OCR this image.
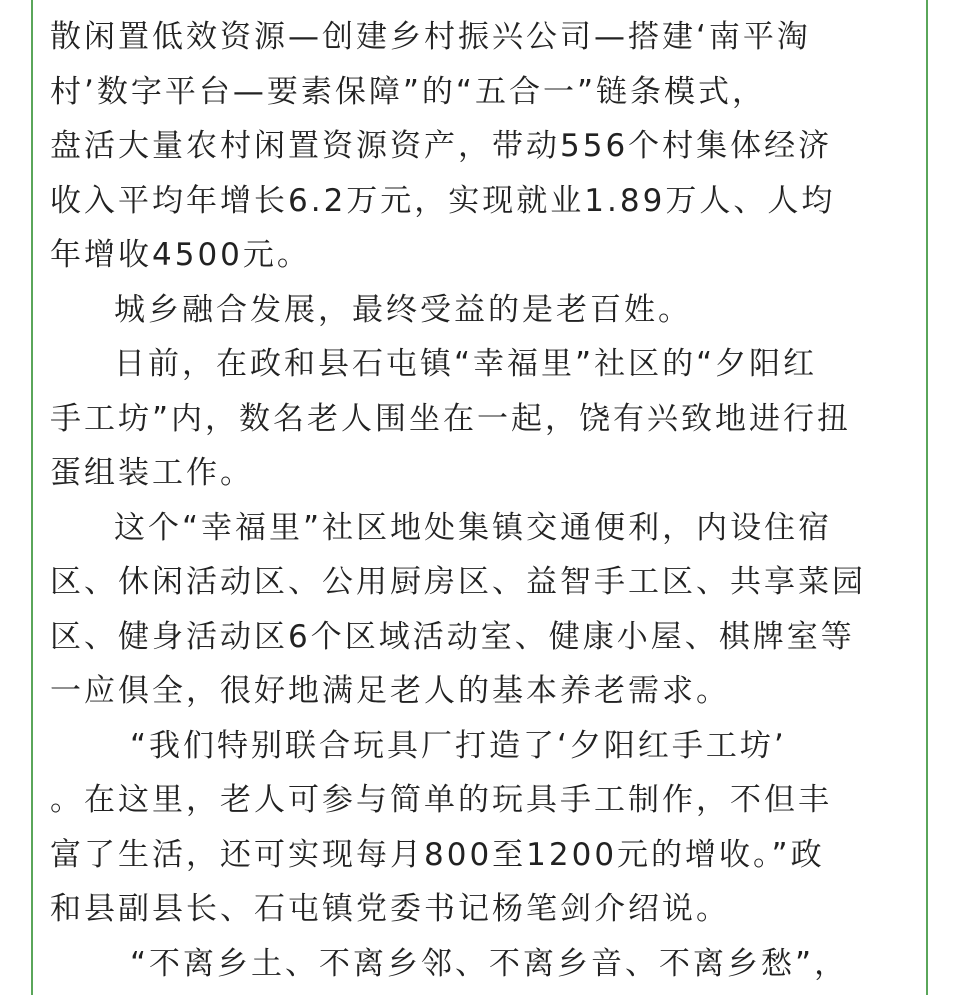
散闲置低效资源—创建乡村振兴公司—搭建‘南平淘
村’数字平台—要素保障”的“五合一”链条模式，
盘活大量农村闲置资源资产，带动556个村集体经济
收入平均年增长6.2万元，实现就业1.89万人、人均
年增收4500元。
城乡融合发展，最终受益的是老百姓。
日前，在政和县石屯镇“幸福里”社区的“夕阳红
手工坊”内，数名老人围坐在一起，饶有兴致地进行扭
蛋组装工作。
这个“幸福里”社区地处集镇交通便利，内设住宿
区、休闲活动区、公用厨房区、益智手工区、共享菜园
区、健身活动区6个区域活动室、健康小屋、棋牌室等
一应俱全，很好地满足老人的基本养老需求。
“我们特别联合玩具厂打造了‘夕阳红手工坊’
。在这里，老人可参与简单的玩具手工制作，不但丰
富了生活，还可实现每月800至1200元的增收。”政
和县副县长、石屯镇党委书记杨笔剑介绍说。
“不离乡土、不离乡邻、不离乡音、不离乡愁”，
